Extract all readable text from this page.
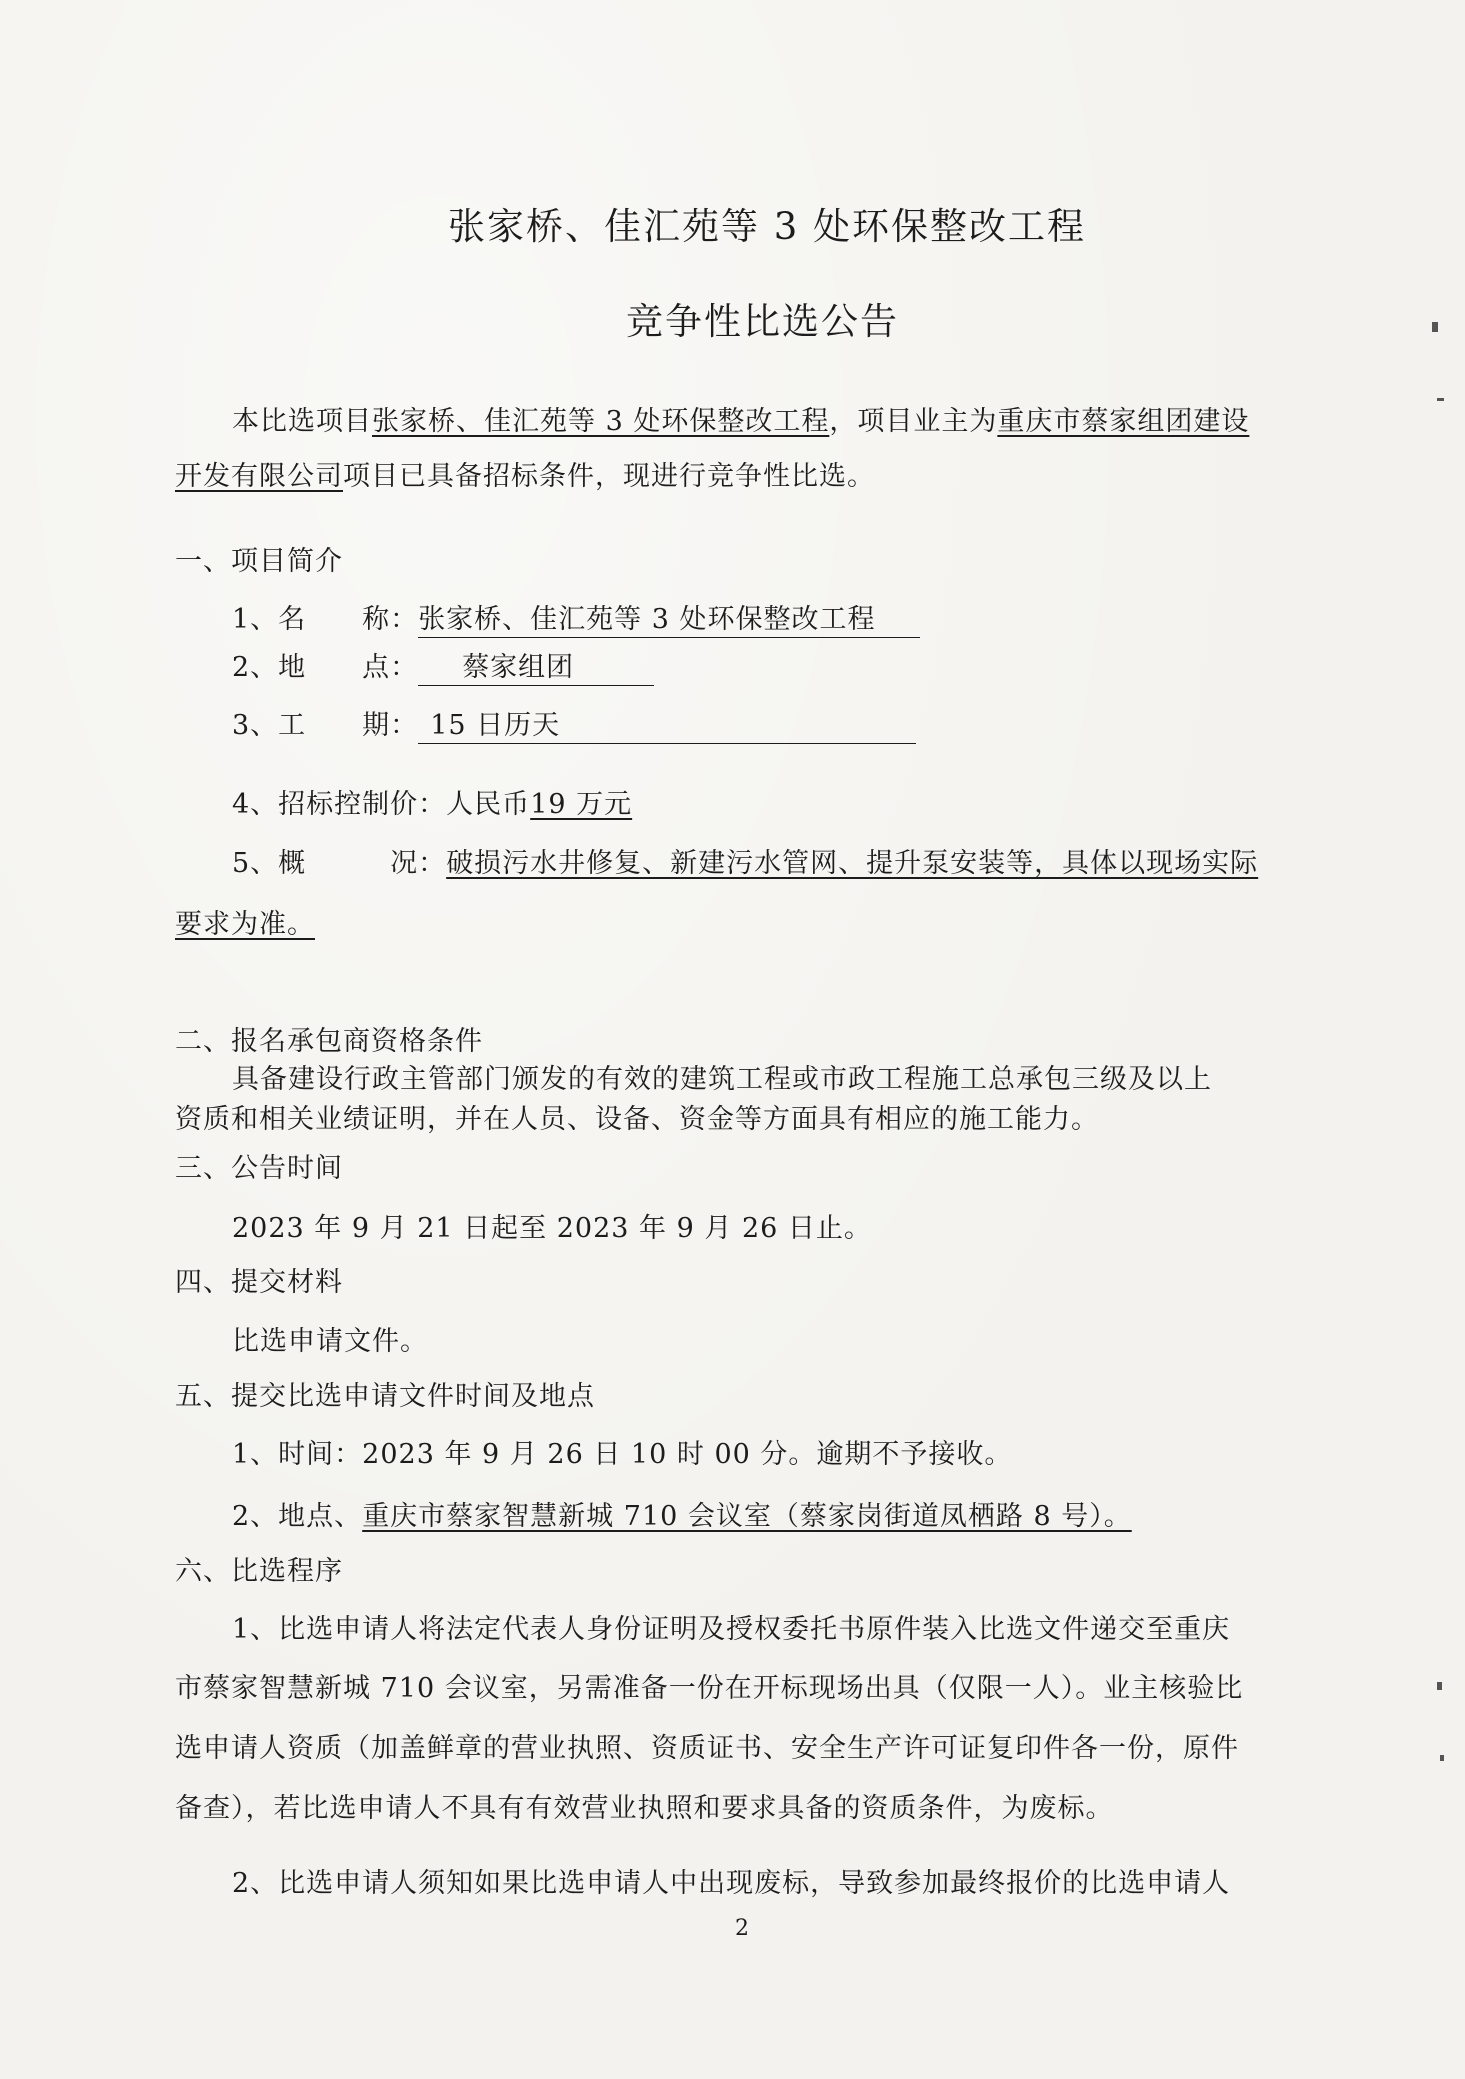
张家桥、佳汇苑等 3 处环保整改工程
竞争性比选公告
本比选项目张家桥、佳汇苑等 3 处环保整改工程，项目业主为重庆市蔡家组团建设
开发有限公司项目已具备招标条件，现进行竞争性比选。
一、项目简介
1、名　　称：张家桥、佳汇苑等 3 处环保整改工程
2、地　　点： 蔡家组团
3、工　　期： 15 日历天
4、招标控制价：人民币19 万元
5、概　　　况：破损污水井修复、新建污水管网、提升泵安装等，具体以现场实际
要求为准。
二、报名承包商资格条件
具备建设行政主管部门颁发的有效的建筑工程或市政工程施工总承包三级及以上
资质和相关业绩证明，并在人员、设备、资金等方面具有相应的施工能力。
三、公告时间
2023 年 9 月 21 日起至 2023 年 9 月 26 日止。
四、提交材料
比选申请文件。
五、提交比选申请文件时间及地点
1、时间：2023 年 9 月 26 日 10 时 00 分。逾期不予接收。
2、地点、重庆市蔡家智慧新城 710 会议室（蔡家岗街道凤栖路 8 号）。
六、比选程序
1、比选申请人将法定代表人身份证明及授权委托书原件装入比选文件递交至重庆
市蔡家智慧新城 710 会议室，另需准备一份在开标现场出具（仅限一人）。业主核验比
选申请人资质（加盖鲜章的营业执照、资质证书、安全生产许可证复印件各一份，原件
备查），若比选申请人不具有有效营业执照和要求具备的资质条件，为废标。
2、比选申请人须知如果比选申请人中出现废标，导致参加最终报价的比选申请人
2
